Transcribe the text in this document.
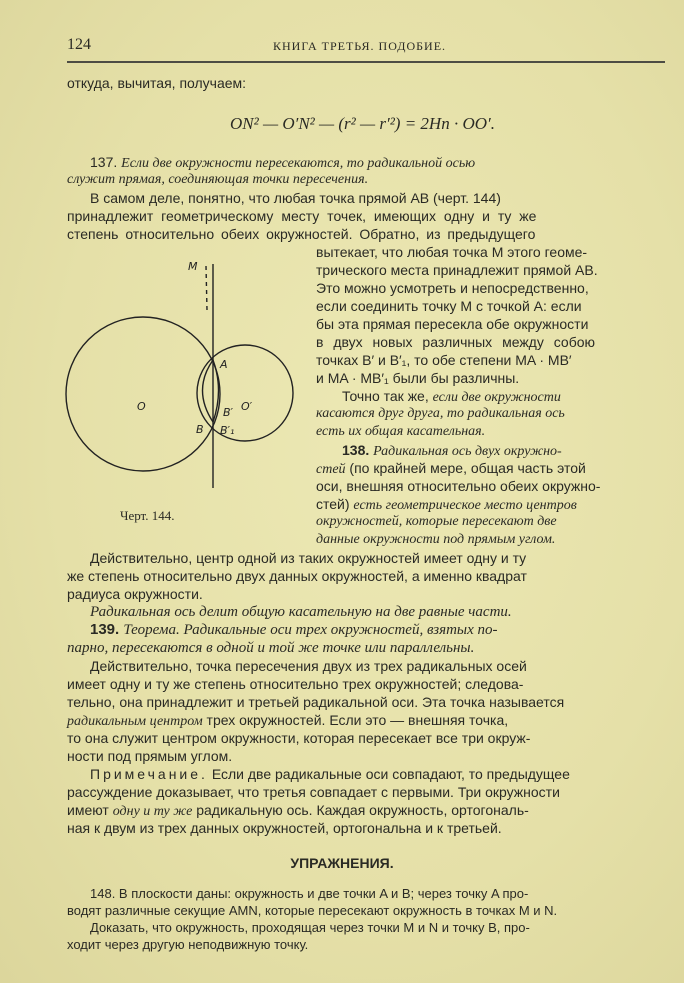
124	КНИГА ТРЕТЬЯ. ПОДОБИЕ.
откуда, вычитая, получаем:
ON² — O′N² — (r² — r′²) = 2Hn · OO′.
137. Если две окружности пересекаются, то радикальной осью
служит прямая, соединяющая точки пересечения.
В самом деле, понятно, что любая точка прямой AB (черт. 144)
принадлежит геометрическому месту точек, имеющих одну и ту же
степень относительно обеих окружностей. Обратно, из предыдущего
вытекает, что любая точка M этого геоме-
трического места принадлежит прямой AB.
Это можно усмотреть и непосредственно,
если соединить точку M с точкой A: если
бы эта прямая пересекла обе окружности
в двух новых различных между собою
точках B′ и B′₁, то обе степени MA · MB′
и MA · MB′₁ были бы различны.
Точно так же, если две окружности
касаются друг друга, то радикальная ось
есть их общая касательная.
138. Радикальная ось двух окружно-
стей (по крайней мере, общая часть этой
оси, внешняя относительно обеих окружно-
стей) есть геометрическое место центров
окружностей, которые пересекают две
данные окружности под прямым углом.
Действительно, центр одной из таких окружностей имеет одну и ту
же степень относительно двух данных окружностей, а именно квадрат
радиуса окружности.
Радикальная ось делит общую касательную на две равные части.
139. Теорема. Радикальные оси трех окружностей, взятых по-
парно, пересекаются в одной и той же точке или параллельны.
Действительно, точка пересечения двух из трех радикальных осей
имеет одну и ту же степень относительно трех окружностей; следова-
тельно, она принадлежит и третьей радикальной оси. Эта точка называется
радикальным центром трех окружностей. Если это — внешняя точка,
то она служит центром окружности, которая пересекает все три окруж-
ности под прямым углом.
Примечание. Если две радикальные оси совпадают, то предыдущее
рассуждение доказывает, что третья совпадает с первыми. Три окружности
имеют одну и ту же радикальную ось. Каждая окружность, ортогональ-
ная к двум из трех данных окружностей, ортогональна и к третьей.
УПРАЖНЕНИЯ.
148. В плоскости даны: окружность и две точки A и B; через точку A про-
водят различные секущие AMN, которые пересекают окружность в точках M и N.
Доказать, что окружность, проходящая через точки M и N и точку B, про-
ходит через другую неподвижную точку.
M
A
O	O′
B
B′
B′₁
Черт. 144.
